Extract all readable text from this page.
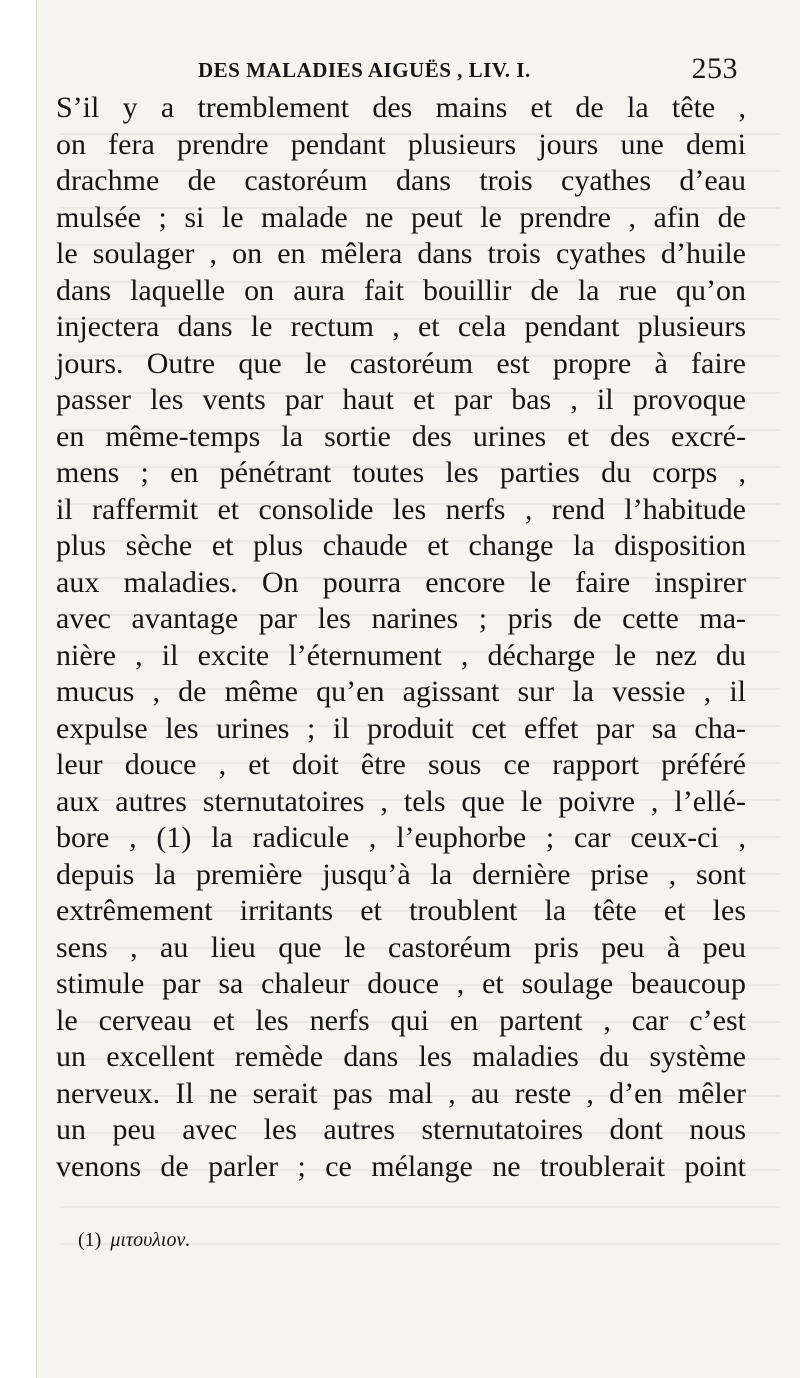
DES MALADIES AIGUËS , LIV. I.	253
S’il y a tremblement des mains et de la tête ,
on fera prendre pendant plusieurs jours une demi
drachme de castoréum dans trois cyathes d’eau
mulsée ; si le malade ne peut le prendre , afin de
le soulager , on en mêlera dans trois cyathes d’huile
dans laquelle on aura fait bouillir de la rue qu’on
injectera dans le rectum , et cela pendant plusieurs
jours. Outre que le castoréum est propre à faire
passer les vents par haut et par bas , il provoque
en même-temps la sortie des urines et des excré-
mens ; en pénétrant toutes les parties du corps ,
il raffermit et consolide les nerfs , rend l’habitude
plus sèche et plus chaude et change la disposition
aux maladies. On pourra encore le faire inspirer
avec avantage par les narines ; pris de cette ma-
nière , il excite l’éternument , décharge le nez du
mucus , de même qu’en agissant sur la vessie , il
expulse les urines ; il produit cet effet par sa cha-
leur douce , et doit être sous ce rapport préféré
aux autres sternutatoires , tels que le poivre , l’ellé-
bore , (1) la radicule , l’euphorbe ; car ceux-ci ,
depuis la première jusqu’à la dernière prise , sont
extrêmement irritants et troublent la tête et les
sens , au lieu que le castoréum pris peu à peu
stimule par sa chaleur douce , et soulage beaucoup
le cerveau et les nerfs qui en partent , car c’est
un excellent remède dans les maladies du système
nerveux. Il ne serait pas mal , au reste , d’en mêler
un peu avec les autres sternutatoires dont nous
venons de parler ; ce mélange ne troublerait point
(1) μιτουλιον.
